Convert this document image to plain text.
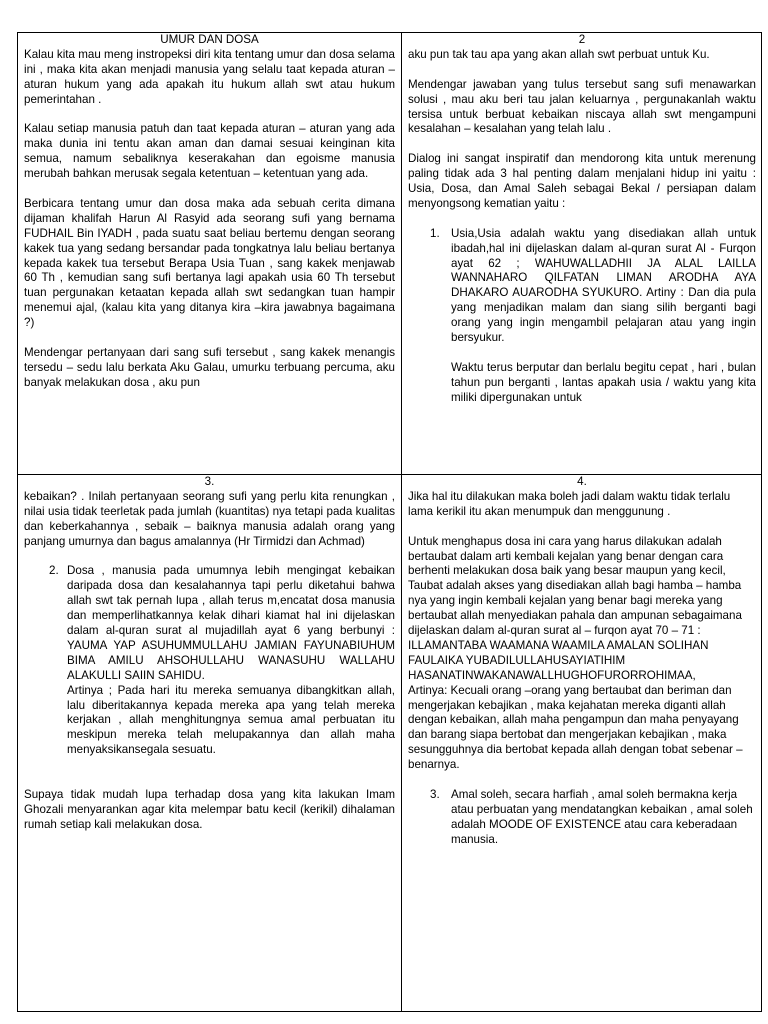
UMUR DAN DOSA

Kalau kita mau meng instropeksi diri kita tentang umur dan dosa selama ini , maka kita akan menjadi manusia yang selalu taat kepada aturan – aturan hukum yang ada apakah itu hukum allah swt atau hukum pemerintahan .

Kalau setiap manusia patuh dan taat kepada aturan – aturan yang ada maka dunia ini tentu akan aman dan damai sesuai keinginan kita semua, namum sebaliknya keserakahan dan egoisme manusia merubah bahkan merusak segala ketentuan – ketentuan yang ada.

Berbicara tentang umur dan dosa maka ada sebuah cerita dimana dijaman khalifah Harun Al Rasyid ada seorang sufi yang bernama FUDHAIL Bin IYADH , pada suatu saat beliau bertemu dengan seorang kakek tua yang sedang bersandar pada tongkatnya lalu beliau bertanya kepada kakek tua tersebut Berapa Usia Tuan , sang kakek menjawab 60 Th , kemudian sang sufi bertanya lagi apakah usia 60 Th tersebut tuan pergunakan ketaatan kepada allah swt sedangkan tuan hampir menemui ajal, (kalau kita yang ditanya kira –kira jawabnya bagaimana ?)

Mendengar pertanyaan dari sang sufi tersebut , sang kakek menangis tersedu – sedu lalu berkata Aku Galau, umurku terbuang percuma, aku banyak melakukan dosa , aku pun

2

aku pun tak tau apa yang akan allah swt perbuat untuk Ku.

Mendengar jawaban yang tulus tersebut sang sufi menawarkan solusi , mau aku beri tau jalan keluarnya , pergunakanlah waktu tersisa untuk berbuat kebaikan niscaya allah swt mengampuni kesalahan – kesalahan yang telah lalu .

Dialog ini sangat inspiratif dan mendorong kita untuk merenung paling tidak ada 3 hal penting dalam menjalani hidup ini yaitu : Usia, Dosa, dan Amal Saleh sebagai Bekal / persiapan dalam menyongsong kematian yaitu :

1. Usia,Usia adalah waktu yang disediakan allah untuk ibadah,hal ini dijelaskan dalam al-quran surat Al - Furqon ayat 62 ; WAHUWALLADHII JA ALAL LAILLA WANNAHARO QILFATAN LIMAN ARODHA AYA DHAKARO AUARODHA SYUKURO. Artiny : Dan dia pula yang menjadikan malam dan siang silih berganti bagi orang yang ingin mengambil pelajaran atau yang ingin bersyukur.

Waktu terus berputar dan berlalu begitu cepat , hari , bulan tahun pun berganti , lantas apakah usia / waktu yang kita miliki dipergunakan untuk

3.

kebaikan? . Inilah pertanyaan seorang sufi yang perlu kita renungkan , nilai usia tidak teerletak pada jumlah (kuantitas) nya tetapi pada kualitas dan keberkahannya , sebaik – baiknya manusia adalah orang yang panjang umurnya dan bagus amalannya (Hr Tirmidzi dan Achmad)

2. Dosa , manusia pada umumnya lebih mengingat kebaikan daripada dosa dan kesalahannya tapi perlu diketahui bahwa allah swt tak pernah lupa , allah terus m,encatat dosa manusia dan memperlihatkannya kelak dihari kiamat hal ini dijelaskan dalam al-quran surat al mujadillah ayat 6 yang berbunyi : YAUMA YAP ASUHUMMULLAHU JAMIAN FAYUNABIUHUM BIMA AMILU AHSOHULLAHU WANASUHU WALLAHU ALAKULLI SAIIN SAHIDU.

Artinya ; Pada hari itu mereka semuanya dibangkitkan allah, lalu diberitakannya kepada mereka apa yang telah mereka kerjakan , allah menghitungnya semua amal perbuatan itu meskipun mereka telah melupakannya dan allah maha menyaksikansegala sesuatu.

Supaya tidak mudah lupa terhadap dosa yang kita lakukan Imam Ghozali menyarankan agar kita melempar batu kecil (kerikil) dihalaman rumah setiap kali melakukan dosa.

4.

Jika hal itu dilakukan maka boleh jadi dalam waktu tidak terlalu lama kerikil itu akan menumpuk dan menggunung .

Untuk menghapus dosa ini cara yang harus dilakukan adalah bertaubat dalam arti kembali kejalan yang benar dengan cara berhenti melakukan dosa baik yang besar maupun yang kecil, Taubat adalah akses yang disediakan allah bagi hamba – hamba nya yang ingin kembali kejalan yang benar bagi mereka yang bertaubat allah menyediakan pahala dan ampunan sebagaimana dijelaskan dalam al-quran surat al – furqon ayat 70 – 71 : ILLAMANTABA WAAMANA WAAMILA AMALAN SOLIHAN FAULAIKA YUBADILULLAHUSAYIATIHIM HASANATINWAKANAWALLHUGHOFURORROHIMAA,

Artinya: Kecuali orang –orang yang bertaubat dan beriman dan mengerjakan kebajikan , maka kejahatan mereka diganti allah dengan kebaikan, allah maha pengampun dan maha penyayang dan barang siapa bertobat dan mengerjakan kebajikan , maka sesungguhnya dia bertobat kepada allah dengan tobat sebenar – benarnya.

3. Amal soleh, secara harfiah , amal soleh bermakna kerja atau perbuatan yang mendatangkan kebaikan , amal soleh adalah MOODE OF EXISTENCE atau cara keberadaan manusia.
